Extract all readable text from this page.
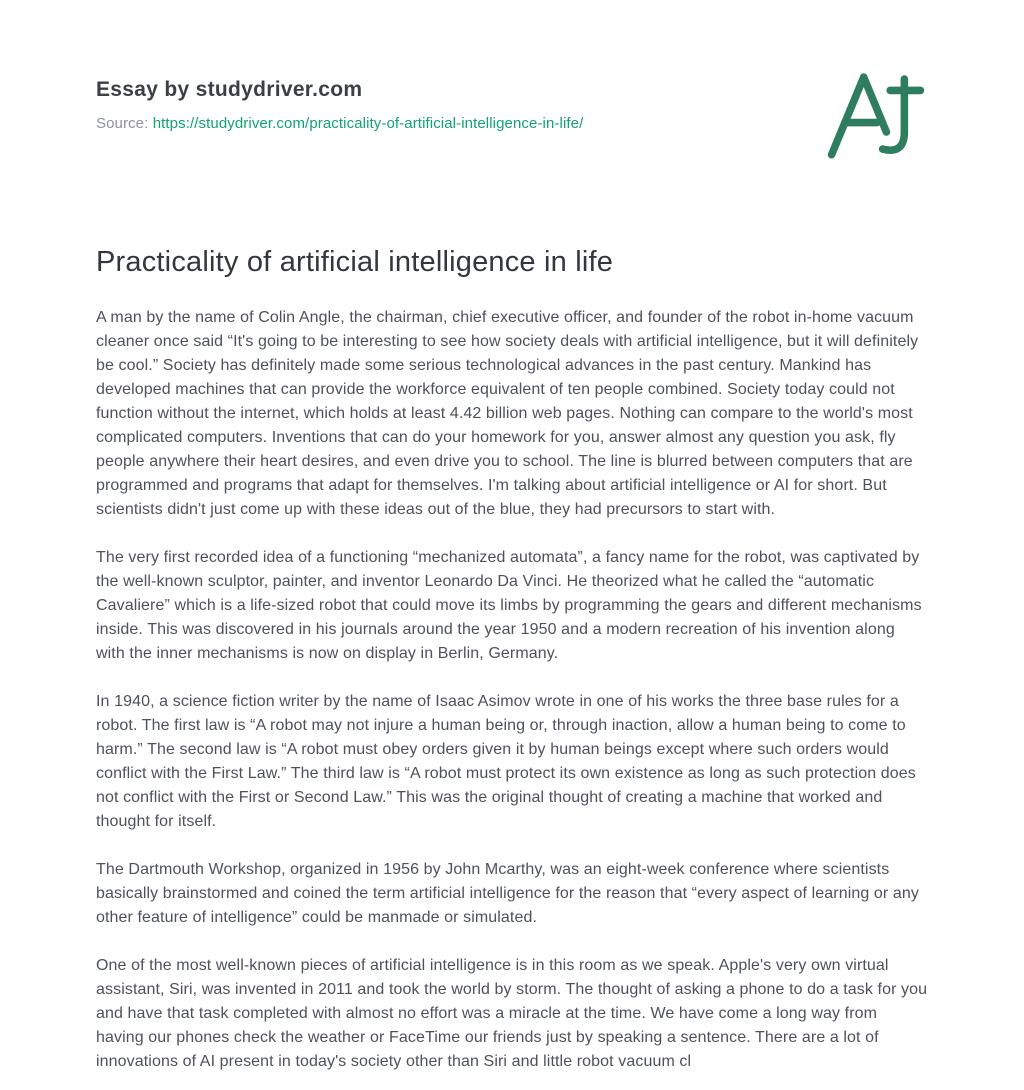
Essay by studydriver.com
Source: https://studydriver.com/practicality-of-artificial-intelligence-in-life/
Practicality of artificial intelligence in life

A man by the name of Colin Angle, the chairman, chief executive officer, and founder of the robot in-home vacuum cleaner once said “It's going to be interesting to see how society deals with artificial intelligence, but it will definitely be cool.” Society has definitely made some serious technological advances in the past century. Mankind has developed machines that can provide the workforce equivalent of ten people combined. Society today could not function without the internet, which holds at least 4.42 billion web pages. Nothing can compare to the world's most complicated computers. Inventions that can do your homework for you, answer almost any question you ask, fly people anywhere their heart desires, and even drive you to school. The line is blurred between computers that are programmed and programs that adapt for themselves. I'm talking about artificial intelligence or AI for short. But scientists didn't just come up with these ideas out of the blue, they had precursors to start with.

The very first recorded idea of a functioning “mechanized automata”, a fancy name for the robot, was captivated by the well-known sculptor, painter, and inventor Leonardo Da Vinci. He theorized what he called the “automatic Cavaliere” which is a life-sized robot that could move its limbs by programming the gears and different mechanisms inside. This was discovered in his journals around the year 1950 and a modern recreation of his invention along with the inner mechanisms is now on display in Berlin, Germany.

In 1940, a science fiction writer by the name of Isaac Asimov wrote in one of his works the three base rules for a robot. The first law is “A robot may not injure a human being or, through inaction, allow a human being to come to harm.” The second law is “A robot must obey orders given it by human beings except where such orders would conflict with the First Law.” The third law is “A robot must protect its own existence as long as such protection does not conflict with the First or Second Law.” This was the original thought of creating a machine that worked and thought for itself.

The Dartmouth Workshop, organized in 1956 by John Mcarthy, was an eight-week conference where scientists basically brainstormed and coined the term artificial intelligence for the reason that “every aspect of learning or any other feature of intelligence” could be manmade or simulated.

One of the most well-known pieces of artificial intelligence is in this room as we speak. Apple's very own virtual assistant, Siri, was invented in 2011 and took the world by storm. The thought of asking a phone to do a task for you and have that task completed with almost no effort was a miracle at the time. We have come a long way from having our phones check the weather or FaceTime our friends just by speaking a sentence. There are a lot of innovations of AI present in today's society other than Siri and little robot vacuum cl
